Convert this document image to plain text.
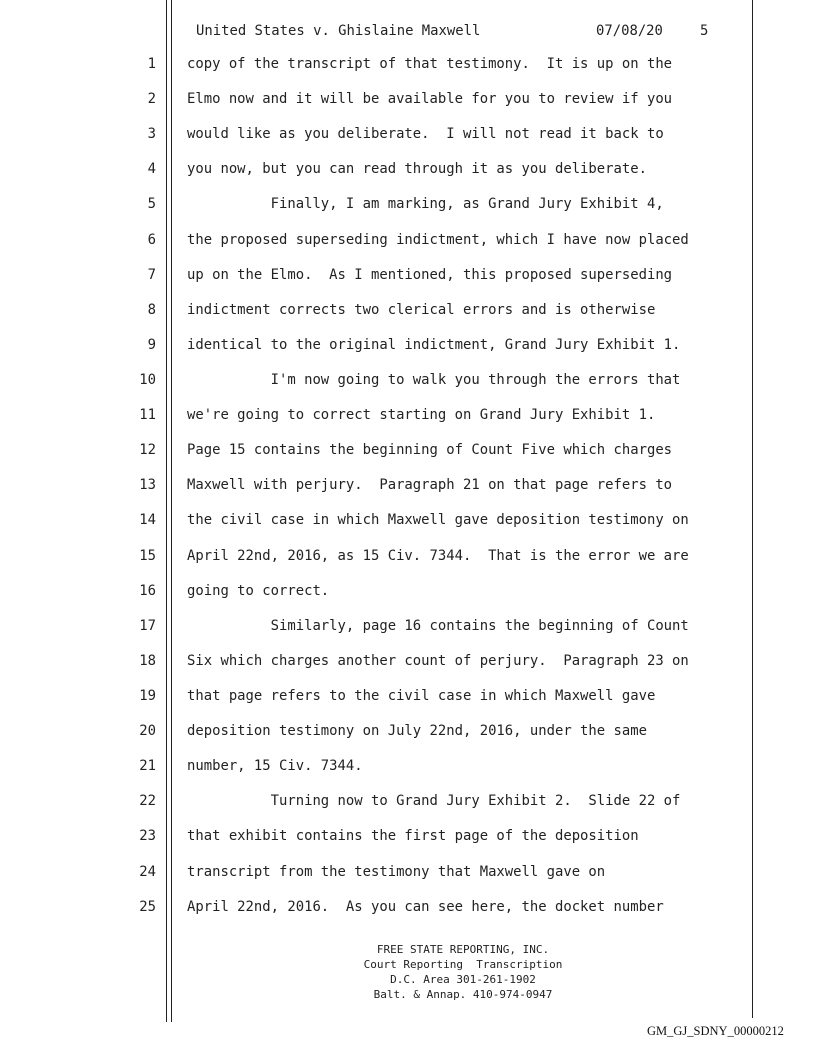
United States v. Ghislaine Maxwell	07/08/20	5
1 copy of the transcript of that testimony.  It is up on the
2 Elmo now and it will be available for you to review if you
3 would like as you deliberate.  I will not read it back to
4 you now, but you can read through it as you deliberate.
5 Finally, I am marking, as Grand Jury Exhibit 4,
6 the proposed superseding indictment, which I have now placed
7 up on the Elmo.  As I mentioned, this proposed superseding
8 indictment corrects two clerical errors and is otherwise
9 identical to the original indictment, Grand Jury Exhibit 1.
10 I'm now going to walk you through the errors that
11 we're going to correct starting on Grand Jury Exhibit 1.
12 Page 15 contains the beginning of Count Five which charges
13 Maxwell with perjury.  Paragraph 21 on that page refers to
14 the civil case in which Maxwell gave deposition testimony on
15 April 22nd, 2016, as 15 Civ. 7344.  That is the error we are
16 going to correct.
17 Similarly, page 16 contains the beginning of Count
18 Six which charges another count of perjury.  Paragraph 23 on
19 that page refers to the civil case in which Maxwell gave
20 deposition testimony on July 22nd, 2016, under the same
21 number, 15 Civ. 7344.
22 Turning now to Grand Jury Exhibit 2.  Slide 22 of
23 that exhibit contains the first page of the deposition
24 transcript from the testimony that Maxwell gave on
25 April 22nd, 2016.  As you can see here, the docket number
FREE STATE REPORTING, INC.
Court Reporting  Transcription
D.C. Area 301-261-1902
Balt. & Annap. 410-974-0947
GM_GJ_SDNY_00000212
